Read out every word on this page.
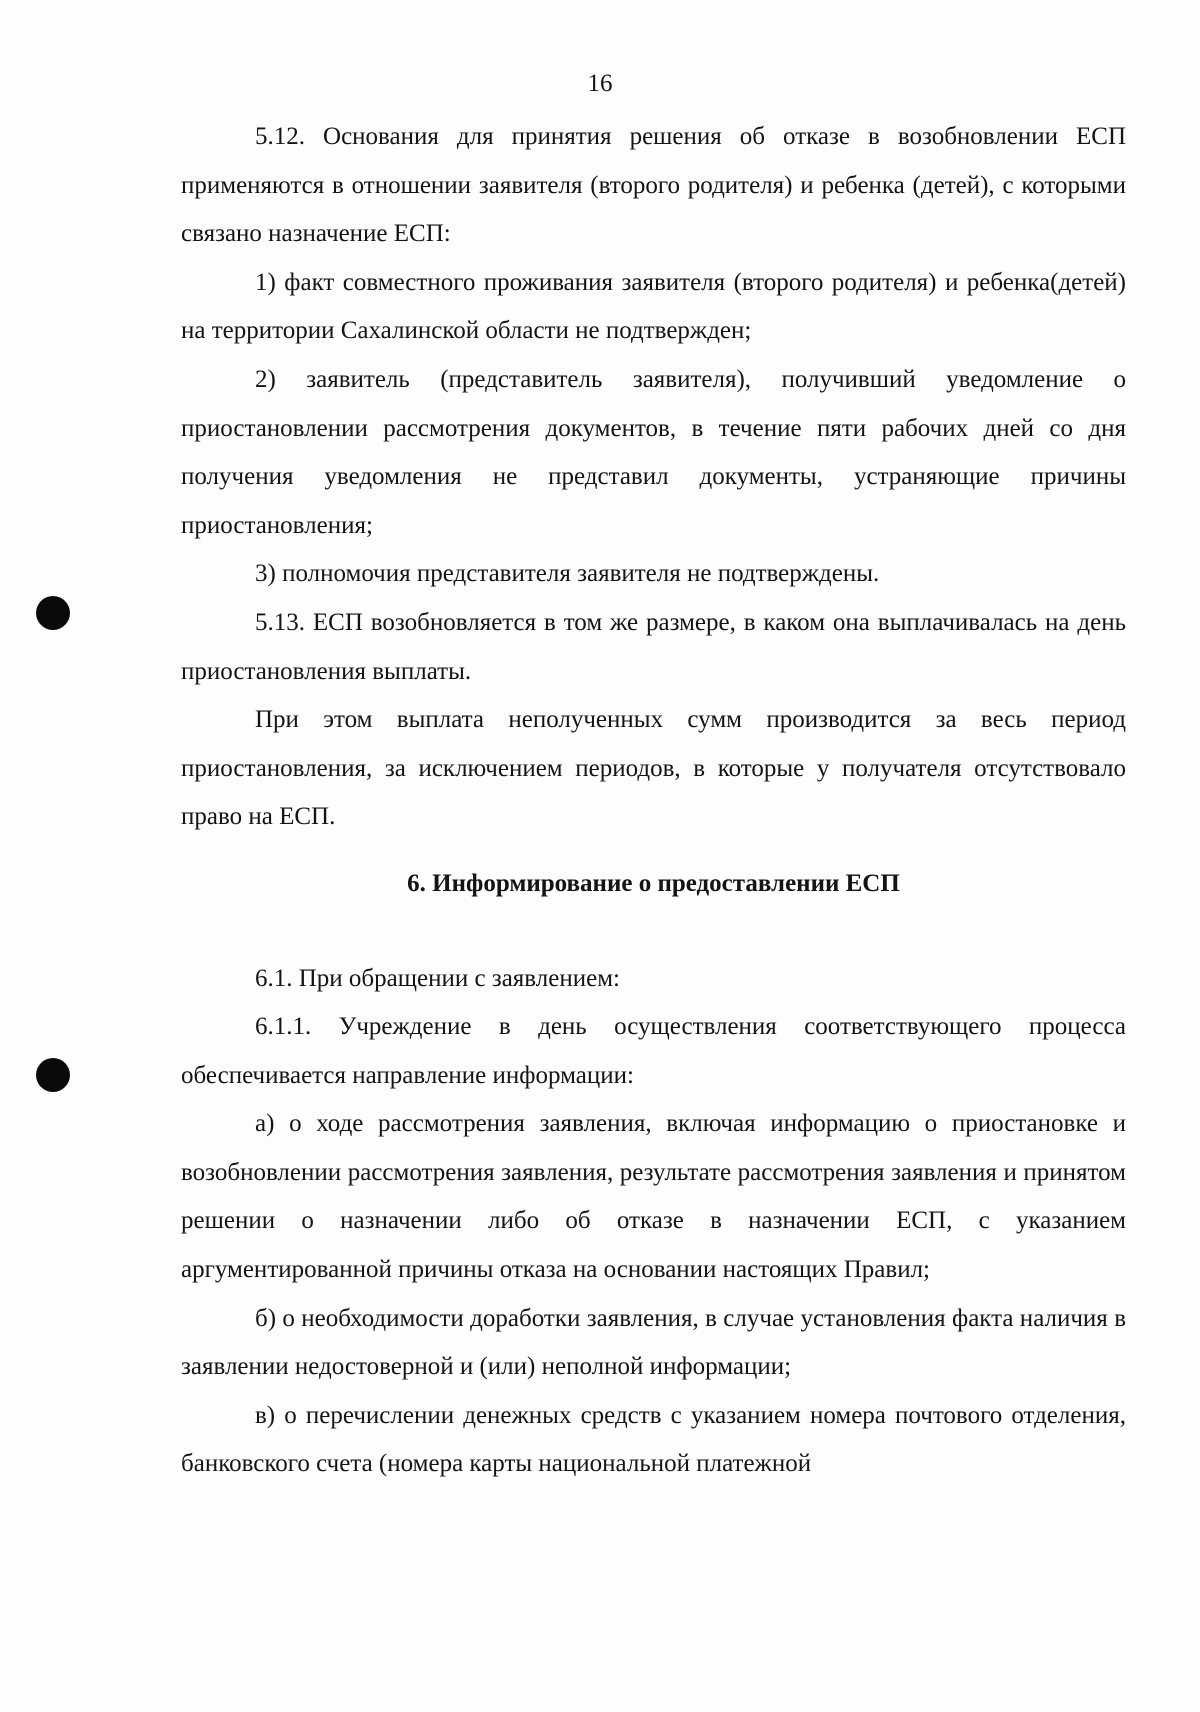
16

5.12. Основания для принятия решения об отказе в возобновлении ЕСП применяются в отношении заявителя (второго родителя) и ребенка (детей), с которыми связано назначение ЕСП:

1) факт совместного проживания заявителя (второго родителя) и ребенка(детей) на территории Сахалинской области не подтвержден;

2) заявитель (представитель заявителя), получивший уведомление о приостановлении рассмотрения документов, в течение пяти рабочих дней со дня получения уведомления не представил документы, устраняющие причины приостановления;

3) полномочия представителя заявителя не подтверждены.

5.13. ЕСП возобновляется в том же размере, в каком она выплачивалась на день приостановления выплаты.

При этом выплата неполученных сумм производится за весь период приостановления, за исключением периодов, в которые у получателя отсутствовало право на ЕСП.

6. Информирование о предоставлении ЕСП

6.1. При обращении с заявлением:

6.1.1. Учреждение в день осуществления соответствующего процесса обеспечивается направление информации:

а) о ходе рассмотрения заявления, включая информацию о приостановке и возобновлении рассмотрения заявления, результате рассмотрения заявления и принятом решении о назначении либо об отказе в назначении ЕСП, с указанием аргументированной причины отказа на основании настоящих Правил;

б) о необходимости доработки заявления, в случае установления факта наличия в заявлении недостоверной и (или) неполной информации;

в) о перечислении денежных средств с указанием номера почтового отделения, банковского счета (номера карты национальной платежной
